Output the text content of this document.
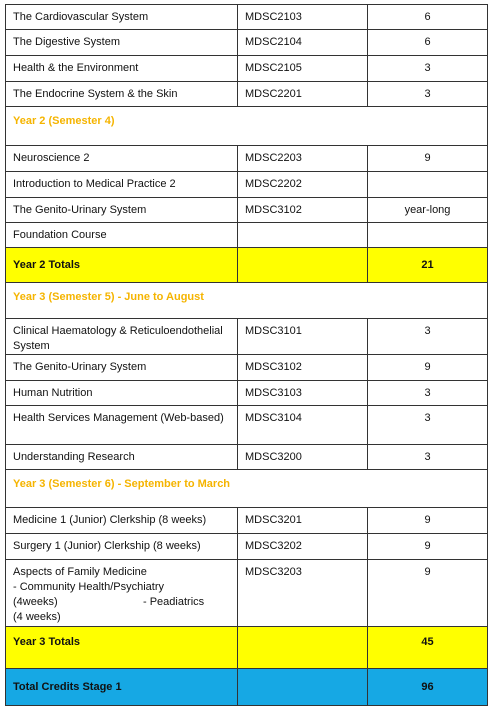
The Cardiovascular System	MDSC2103	6
The Digestive System	MDSC2104	6
Health & the Environment	MDSC2105	3
The Endocrine System & the Skin	MDSC2201	3
Year 2 (Semester 4)		
Neuroscience 2	MDSC2203	9
Introduction to Medical Practice 2	MDSC2202	
The Genito-Urinary System	MDSC3102	year-long
Foundation Course		
Year 2 Totals		21
Year 3 (Semester 5) - June to August		
Clinical Haematology & Reticuloendothelial System	MDSC3101	3
The Genito-Urinary System	MDSC3102	9
Human Nutrition	MDSC3103	3
Health Services Management (Web-based)	MDSC3104	3
Understanding Research	MDSC3200	3
Year 3 (Semester 6) - September to March		
Medicine 1 (Junior) Clerkship (8 weeks)	MDSC3201	9
Surgery 1 (Junior) Clerkship (8 weeks)	MDSC3202	9

Aspects of Family Medicine
- Community Health/Psychiatry
(4weeks) - Peadiatrics
(4 weeks)	MDSC3203	9
Year 3 Totals		45
Total Credits Stage 1		96
